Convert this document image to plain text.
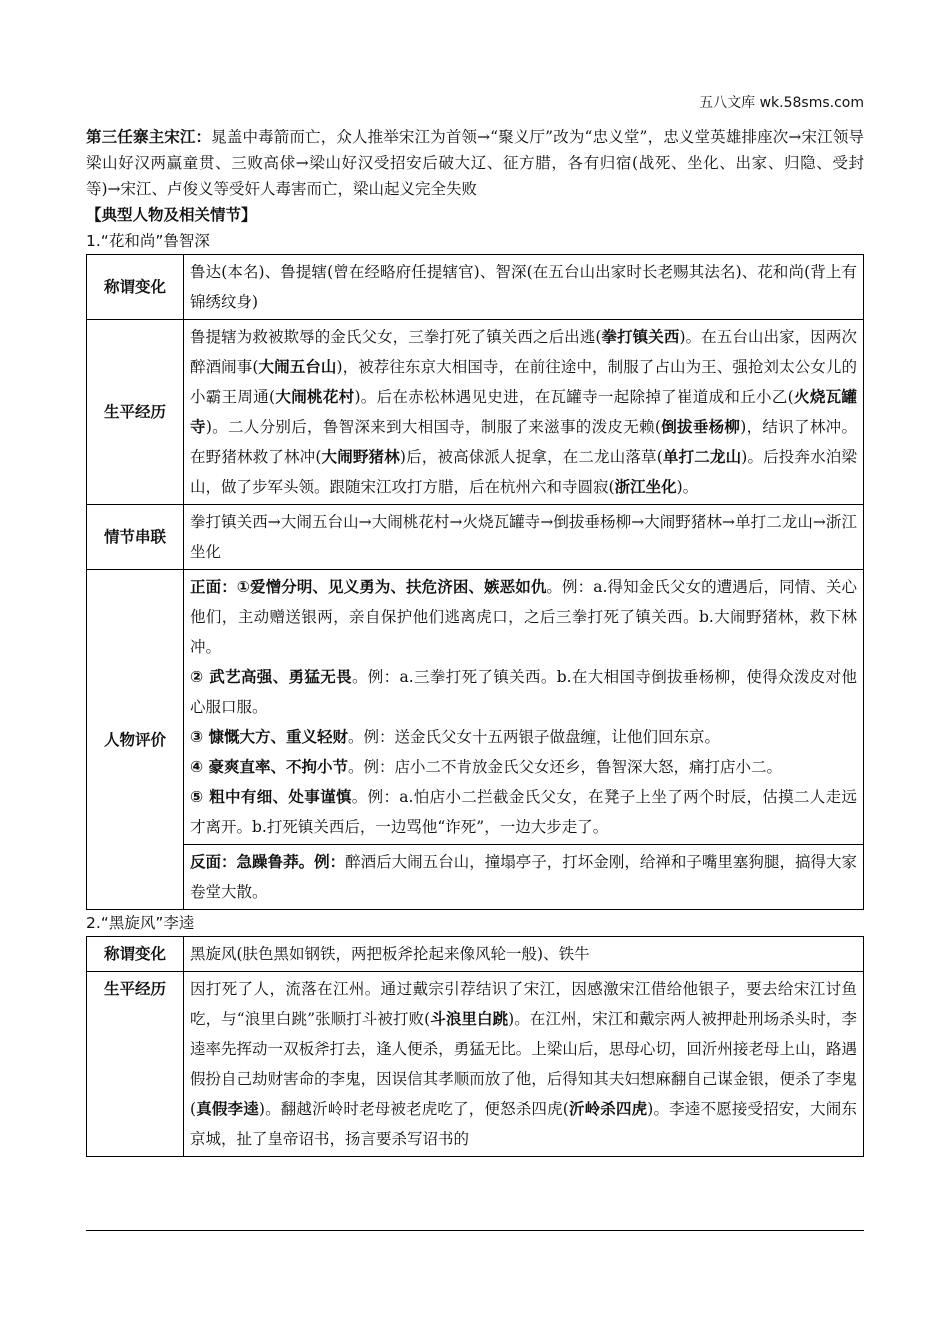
五八文库 wk.58sms.com

第三任寨主宋江：晁盖中毒箭而亡，众人推举宋江为首领→“聚义厅”改为“忠义堂”，忠义堂英雄排座次→宋江领导梁山好汉两赢童贯、三败高俅→梁山好汉受招安后破大辽、征方腊，各有归宿(战死、坐化、出家、归隐、受封等)→宋江、卢俊义等受奸人毒害而亡，梁山起义完全失败

【典型人物及相关情节】

1.“花和尚”鲁智深

称谓变化	鲁达(本名)、鲁提辖(曾在经略府任提辖官)、智深(在五台山出家时长老赐其法名)、花和尚(背上有锦绣纹身)
生平经历	鲁提辖为救被欺辱的金氏父女，三拳打死了镇关西之后出逃(拳打镇关西)。在五台山出家，因两次醉酒闹事(大闹五台山)，被荐往东京大相国寺，在前往途中，制服了占山为王、强抢刘太公女儿的小霸王周通(大闹桃花村)。后在赤松林遇见史进，在瓦罐寺一起除掉了崔道成和丘小乙(火烧瓦罐寺)。二人分别后，鲁智深来到大相国寺，制服了来滋事的泼皮无赖(倒拔垂杨柳)，结识了林冲。在野猪林救了林冲(大闹野猪林)后，被高俅派人捉拿，在二龙山落草(单打二龙山)。后投奔水泊梁山，做了步军头领。跟随宋江攻打方腊，后在杭州六和寺圆寂(浙江坐化)。
情节串联	拳打镇关西→大闹五台山→大闹桃花村→火烧瓦罐寺→倒拔垂杨柳→大闹野猪林→单打二龙山→浙江坐化
人物评价	正面：①爱憎分明、见义勇为、扶危济困、嫉恶如仇。例：a.得知金氏父女的遭遇后，同情、关心他们，主动赠送银两，亲自保护他们逃离虎口，之后三拳打死了镇关西。b.大闹野猪林，救下林冲。
② 武艺高强、勇猛无畏。例：a.三拳打死了镇关西。b.在大相国寺倒拔垂杨柳，使得众泼皮对他心服口服。
③ 慷慨大方、重义轻财。例：送金氏父女十五两银子做盘缠，让他们回东京。
④ 豪爽直率、不拘小节。例：店小二不肯放金氏父女还乡，鲁智深大怒，痛打店小二。
⑤ 粗中有细、处事谨慎。例：a.怕店小二拦截金氏父女，在凳子上坐了两个时辰，估摸二人走远才离开。b.打死镇关西后，一边骂他“诈死”，一边大步走了。

	反面：急躁鲁莽。例：醉酒后大闹五台山，撞塌亭子，打坏金刚，给禅和子嘴里塞狗腿，搞得大家卷堂大散。

2.“黑旋风”李逵

称谓变化	黑旋风(肤色黑如钢铁，两把板斧抡起来像风轮一般)、铁牛
生平经历	因打死了人，流落在江州。通过戴宗引荐结识了宋江，因感激宋江借给他银子，要去给宋江讨鱼吃，与“浪里白跳”张顺打斗被打败(斗浪里白跳)。在江州，宋江和戴宗两人被押赴刑场杀头时，李逵率先挥动一双板斧打去，逢人便杀，勇猛无比。上梁山后，思母心切，回沂州接老母上山，路遇假扮自己劫财害命的李鬼，因误信其孝顺而放了他，后得知其夫妇想麻翻自己谋金银，便杀了李鬼(真假李逵)。翻越沂岭时老母被老虎吃了，便怒杀四虎(沂岭杀四虎)。李逵不愿接受招安，大闹东京城，扯了皇帝诏书，扬言要杀写诏书的
